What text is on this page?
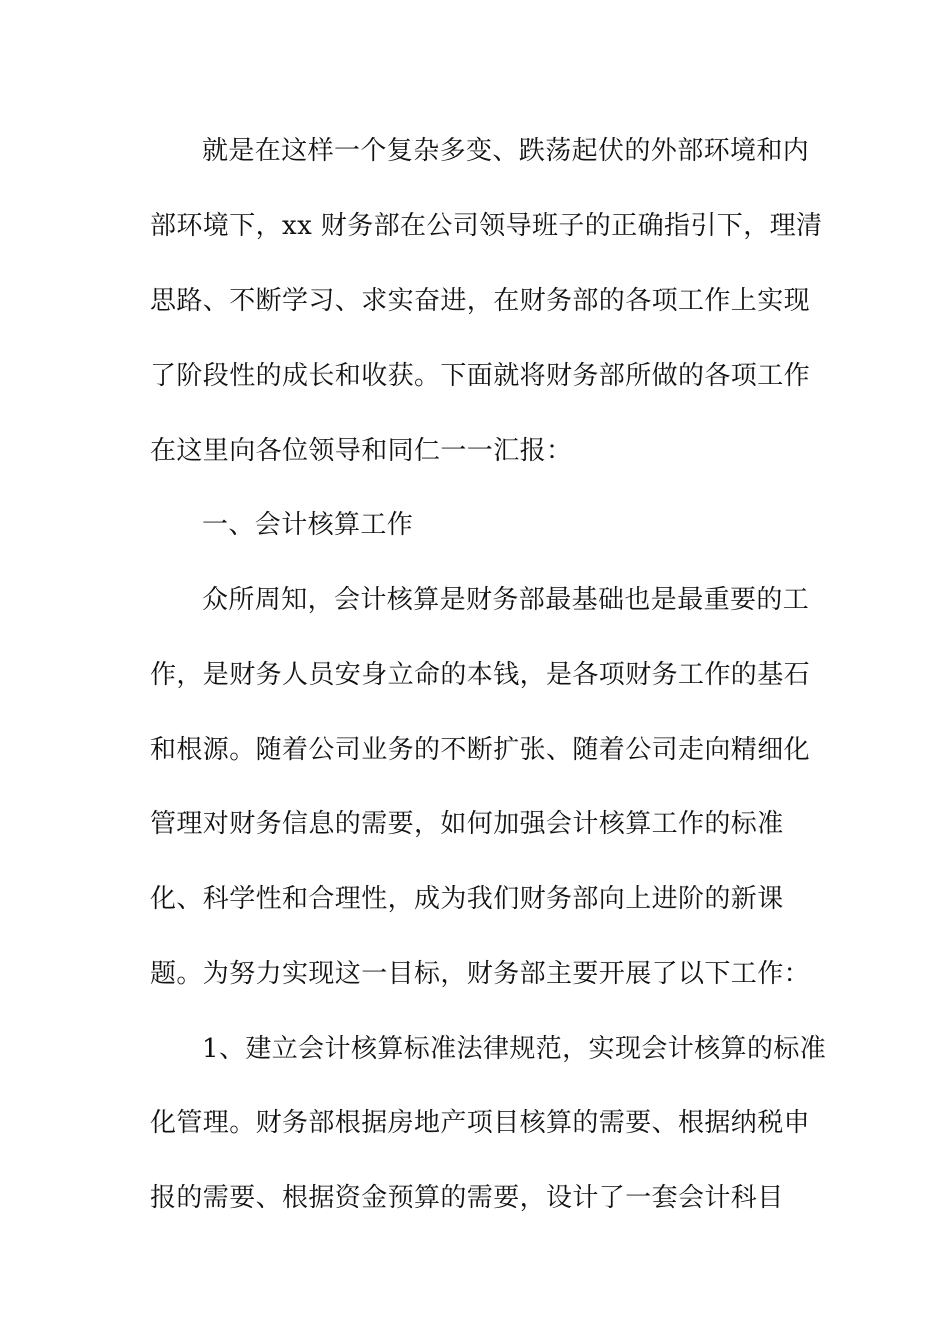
就是在这样一个复杂多变、跌荡起伏的外部环境和内
部环境下，xx 财务部在公司领导班子的正确指引下，理清
思路、不断学习、求实奋进，在财务部的各项工作上实现
了阶段性的成长和收获。下面就将财务部所做的各项工作
在这里向各位领导和同仁一一汇报：
一、会计核算工作
众所周知，会计核算是财务部最基础也是最重要的工
作，是财务人员安身立命的本钱，是各项财务工作的基石
和根源。随着公司业务的不断扩张、随着公司走向精细化
管理对财务信息的需要，如何加强会计核算工作的标准
化、科学性和合理性，成为我们财务部向上进阶的新课
题。为努力实现这一目标，财务部主要开展了以下工作：
1、建立会计核算标准法律规范，实现会计核算的标准
化管理。财务部根据房地产项目核算的需要、根据纳税申
报的需要、根据资金预算的需要，设计了一套会计科目
